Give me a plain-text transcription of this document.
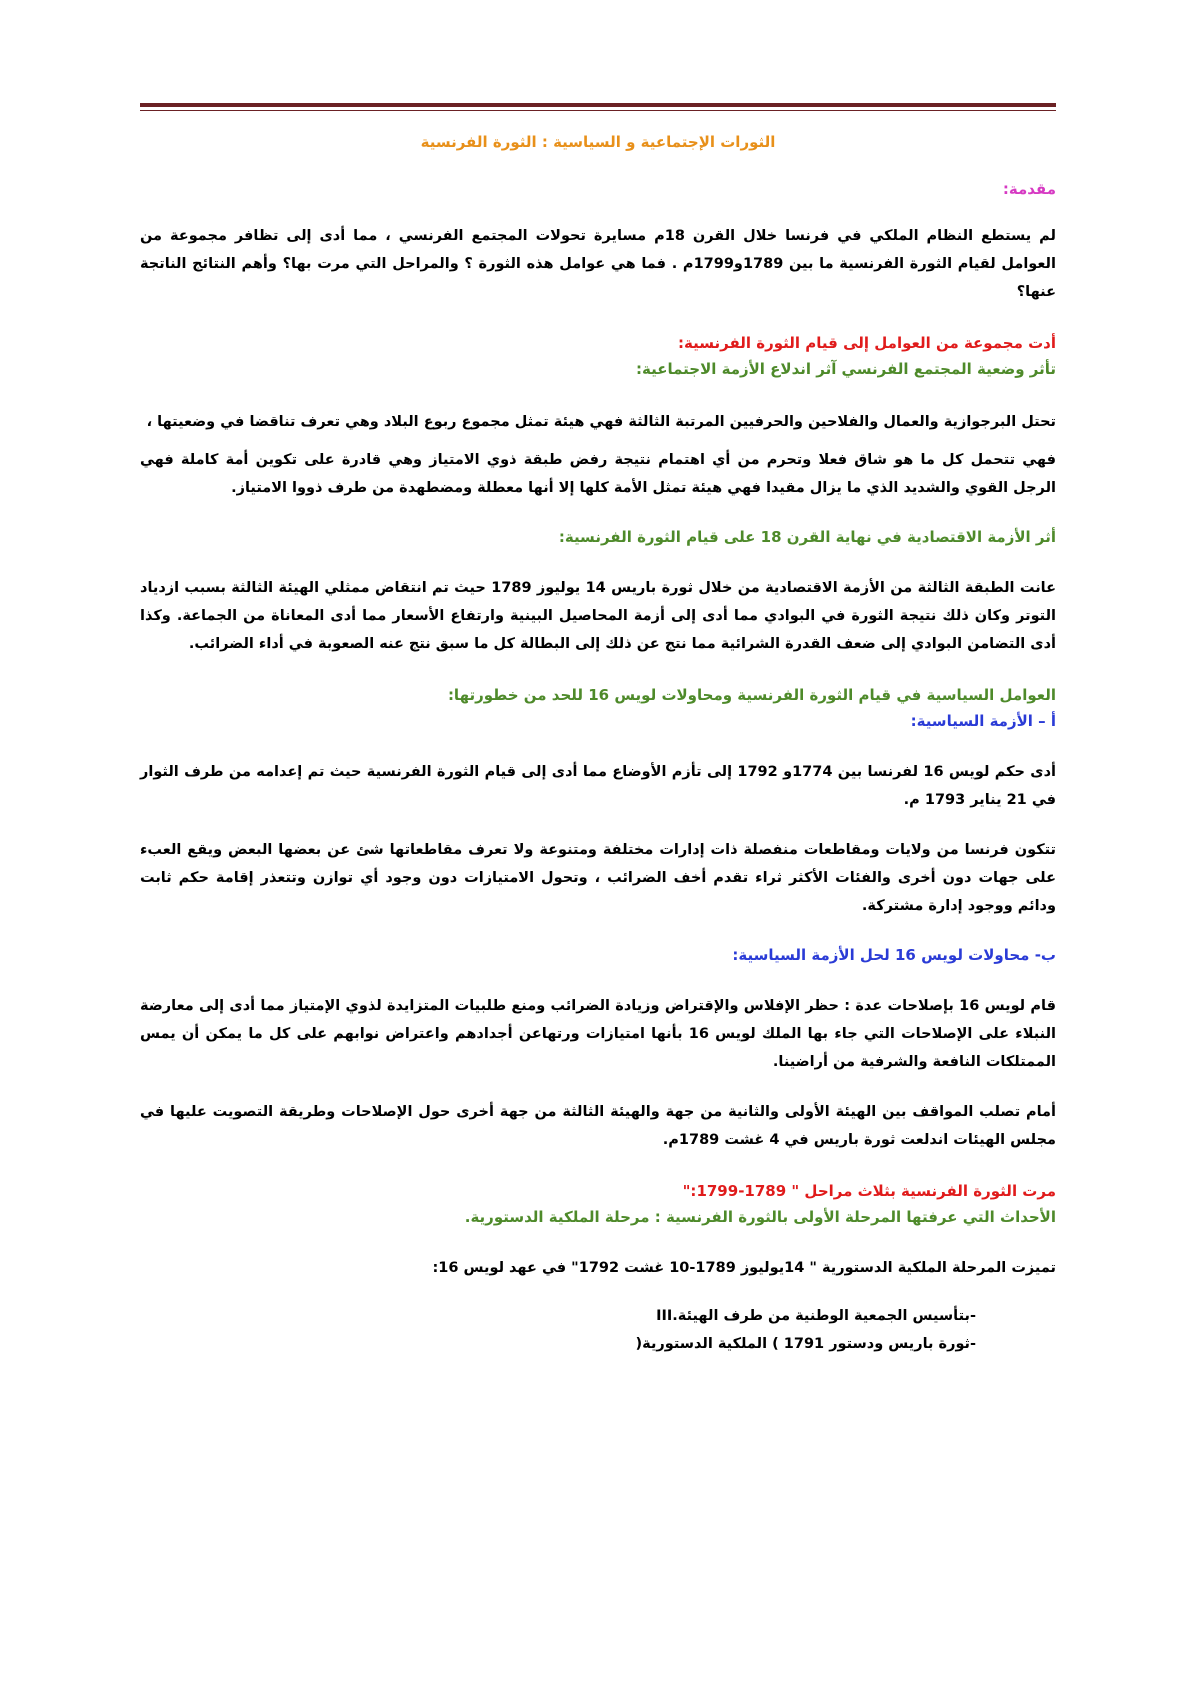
الثورات الإجتماعية و السياسية : الثورة الفرنسية

مقدمة:

لم يستطع النظام الملكي في فرنسا خلال القرن 18م مسايرة تحولات المجتمع الفرنسي ، مما أدى إلى تظافر مجموعة من العوامل لقيام الثورة الفرنسية ما بين 1789و1799م . فما هي عوامل هذه الثورة ؟ والمراحل التي مرت بها؟ وأهم النتائج الناتجة عنها؟

أدت مجموعة من العوامل إلى قيام الثورة الفرنسية:

تأثر وضعية المجتمع الفرنسي آثر اندلاع الأزمة الاجتماعية:

تحتل البرجوازية والعمال والفلاحين والحرفيين المرتبة الثالثة فهي هيئة تمثل مجموع ربوع البلاد وهي تعرف تناقضا في وضعيتها ،

فهي تتحمل كل ما هو شاق فعلا وتحرم من أي اهتمام نتيجة رفض طبقة ذوي الامتياز وهي قادرة على تكوين أمة كاملة فهي الرجل القوي والشديد الذي ما يزال مقيدا فهي هيئة تمثل الأمة كلها إلا أنها معطلة ومضطهدة من طرف ذووا الامتياز.

أثر الأزمة الاقتصادية في نهاية القرن 18 على قيام الثورة الفرنسية:

عانت الطبقة الثالثة من الأزمة الاقتصادية من خلال ثورة باريس 14 يوليوز 1789 حيث تم انتقاض ممثلي الهيئة الثالثة بسبب ازدياد التوتر وكان ذلك نتيجة الثورة في البوادي مما أدى إلى أزمة المحاصيل البينية وارتفاع الأسعار مما أدى المعاناة من الجماعة. وكذا أدى التضامن البوادي إلى ضعف القدرة الشرائية مما نتج عن ذلك إلى البطالة كل ما سبق نتج عنه الصعوبة في أداء الضرائب.

العوامل السياسية في قيام الثورة الفرنسية ومحاولات لويس 16 للحد من خطورتها:

أ – الأزمة السياسية:

أدى حكم لويس 16 لفرنسا بين 1774و 1792 إلى تأزم الأوضاع مما أدى إلى قيام الثورة الفرنسية حيث تم إعدامه من طرف الثوار في 21 يناير 1793 م.

تتكون فرنسا من ولايات ومقاطعات منفصلة ذات إدارات مختلفة ومتنوعة ولا تعرف مقاطعاتها شئ عن بعضها البعض ويقع العبء على جهات دون أخرى والفئات الأكثر ثراء تقدم أخف الضرائب ، وتحول الامتيازات دون وجود أي توازن وتتعذر إقامة حكم ثابت ودائم ووجود إدارة مشتركة.

ب- محاولات لويس 16 لحل الأزمة السياسية:

قام لويس 16 بإصلاحات عدة : حظر الإفلاس والإقتراض وزيادة الضرائب ومنع طلبيات المتزايدة لذوي الإمتياز مما أدى إلى معارضة النبلاء على الإصلاحات التي جاء بها الملك لويس 16 بأنها امتيازات ورتهاعن أجدادهم واعتراض نوابهم على كل ما يمكن أن يمس الممتلكات النافعة والشرفية من أراضينا.

أمام تصلب المواقف بين الهيئة الأولى والثانية من جهة والهيئة الثالثة من جهة أخرى حول الإصلاحات وطريقة التصويت عليها في مجلس الهيئات اندلعت ثورة باريس في 4 غشت 1789م.

مرت الثورة الفرنسية بثلاث مراحل " 1789-1799:"

الأحداث التي عرفتها المرحلة الأولى بالثورة الفرنسية : مرحلة الملكية الدستورية.

تميزت المرحلة الملكية الدستورية " 14يوليوز 1789-10 غشت 1792" في عهد لويس 16:

-بتأسيس الجمعية الوطنية من طرف الهيئة.III

-ثورة باريس ودستور 1791 ) الملكية الدستورية(
